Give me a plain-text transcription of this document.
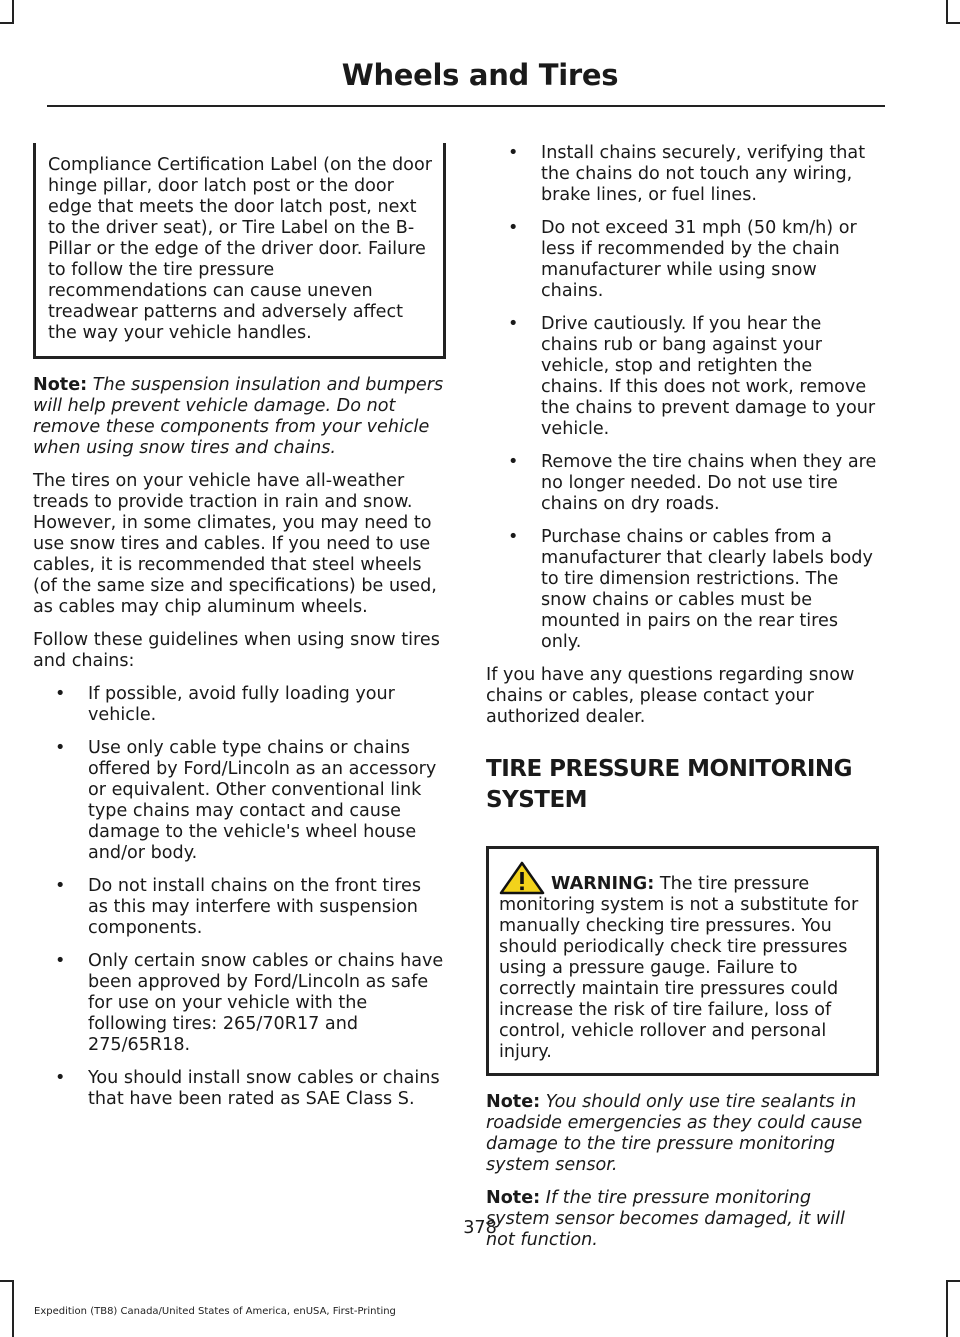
Wheels and Tires
Compliance Certification Label (on the door hinge pillar, door latch post or the door edge that meets the door latch post, next to the driver seat), or Tire Label on the B-Pillar or the edge of the driver door. Failure to follow the tire pressure recommendations can cause uneven treadwear patterns and adversely affect the way your vehicle handles.

Note: The suspension insulation and bumpers will help prevent vehicle damage. Do not remove these components from your vehicle when using snow tires and chains.

The tires on your vehicle have all-weather treads to provide traction in rain and snow. However, in some climates, you may need to use snow tires and cables. If you need to use cables, it is recommended that steel wheels (of the same size and specifications) be used, as cables may chip aluminum wheels.

Follow these guidelines when using snow tires and chains:

• If possible, avoid fully loading your vehicle.
• Use only cable type chains or chains offered by Ford/Lincoln as an accessory or equivalent. Other conventional link type chains may contact and cause damage to the vehicle's wheel house and/or body.
• Do not install chains on the front tires as this may interfere with suspension components.
• Only certain snow cables or chains have been approved by Ford/Lincoln as safe for use on your vehicle with the following tires: 265/70R17 and 275/65R18.
• You should install snow cables or chains that have been rated as SAE Class S.
• Install chains securely, verifying that the chains do not touch any wiring, brake lines, or fuel lines.
• Do not exceed 31 mph (50 km/h) or less if recommended by the chain manufacturer while using snow chains.
• Drive cautiously. If you hear the chains rub or bang against your vehicle, stop and retighten the chains. If this does not work, remove the chains to prevent damage to your vehicle.
• Remove the tire chains when they are no longer needed. Do not use tire chains on dry roads.
• Purchase chains or cables from a manufacturer that clearly labels body to tire dimension restrictions. The snow chains or cables must be mounted in pairs on the rear tires only.

If you have any questions regarding snow chains or cables, please contact your authorized dealer.

TIRE PRESSURE MONITORING SYSTEM
WARNING: The tire pressure monitoring system is not a substitute for manually checking tire pressures. You should periodically check tire pressures using a pressure gauge. Failure to correctly maintain tire pressures could increase the risk of tire failure, loss of control, vehicle rollover and personal injury.

Note: You should only use tire sealants in roadside emergencies as they could cause damage to the tire pressure monitoring system sensor.

Note: If the tire pressure monitoring system sensor becomes damaged, it will not function.

378
Expedition (TB8) Canada/United States of America, enUSA, First-Printing
